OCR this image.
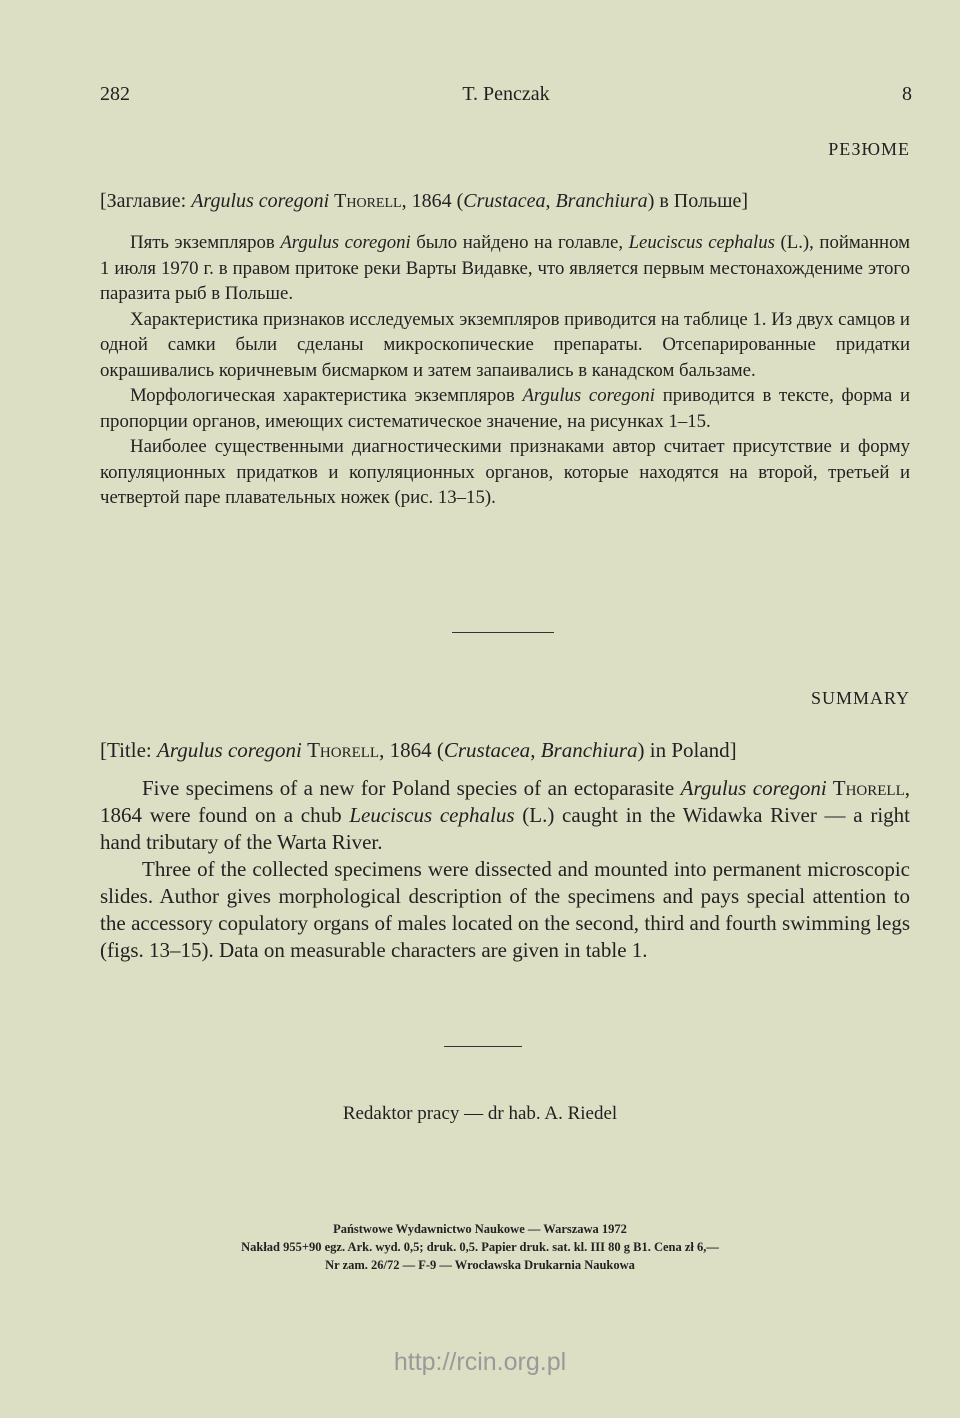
282	T. Penczak	8
РЕЗЮМЕ
[Заглавие: Argulus coregoni Thorell, 1864 (Crustacea, Branchiura) в Польше]

Пять экземпляров Argulus coregoni было найдено на голавле, Leuciscus cephalus (L.), пойманном 1 июля 1970 г. в правом притоке реки Варты Видавке, что является первым местонахождениме этого паразита рыб в Польше.

Характеристика признаков исследуемых экземпляров приводится на таблице 1. Из двух самцов и одной самки были сделаны микроскопические препараты. Отсепарированные придатки окрашивались коричневым бисмарком и затем запаивались в канадском бальзаме.

Морфологическая характеристика экземпляров Argulus coregoni приводится в тексте, форма и пропорции органов, имеющих систематическое значение, на рисунках 1–15.

Наиболее существенными диагностическими признаками автор считает присутствие и форму копуляционных придатков и копуляционных органов, которые находятся на второй, третьей и четвертой паре плавательных ножек (рис. 13–15).

SUMMARY
[Title: Argulus coregoni Thorell, 1864 (Crustacea, Branchiura) in Poland]

Five specimens of a new for Poland species of an ectoparasite Argulus coregoni Thorell, 1864 were found on a chub Leuciscus cephalus (L.) caught in the Widawka River — a right hand tributary of the Warta River.

Three of the collected specimens were dissected and mounted into permanent microscopic slides. Author gives morphological description of the specimens and pays special attention to the accessory copulatory organs of males located on the second, third and fourth swimming legs (figs. 13–15). Data on measurable characters are given in table 1.

Redaktor pracy — dr hab. A. Riedel
Państwowe Wydawnictwo Naukowe — Warszawa 1972
Nakład 955+90 egz. Ark. wyd. 0,5; druk. 0,5. Papier druk. sat. kl. III 80 g B1. Cena zł 6,—
Nr zam. 26/72 — F-9 — Wrocławska Drukarnia Naukowa
http://rcin.org.pl
